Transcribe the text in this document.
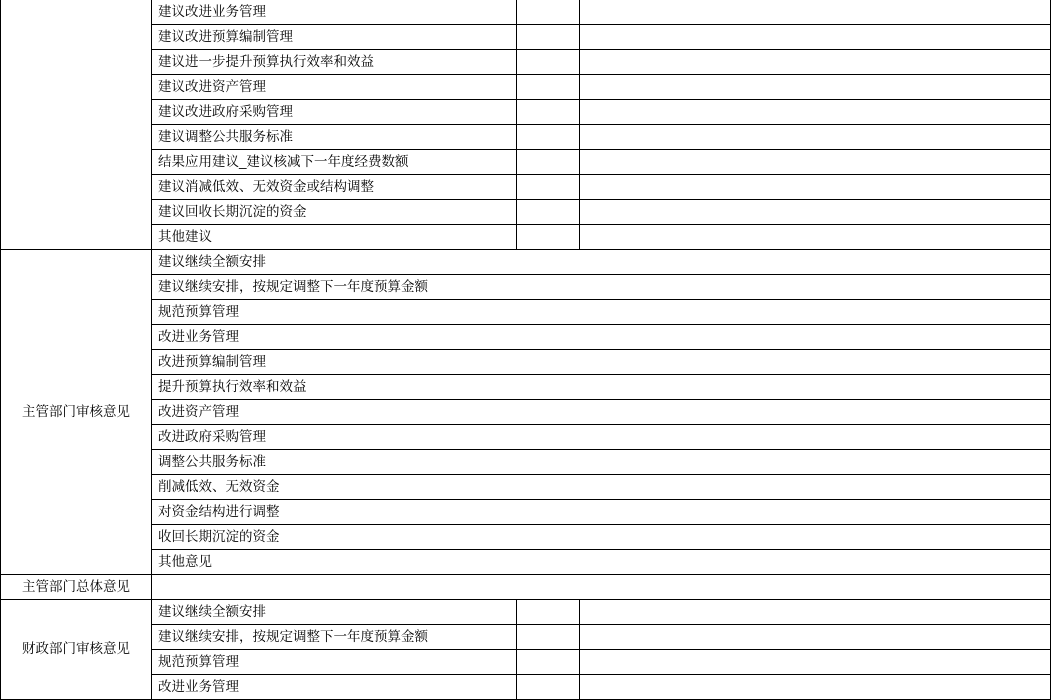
	建议改进业务管理		
	建议改进预算编制管理		
	建议进一步提升预算执行效率和效益		
	建议改进资产管理		
	建议改进政府采购管理		
	建议调整公共服务标准		
	结果应用建议_建议核减下一年度经费数额		
	建议消减低效、无效资金或结构调整		
	建议回收长期沉淀的资金		
	其他建议		
主管部门审核意见	建议继续全额安排		
	建议继续安排，按规定调整下一年度预算金额		
	规范预算管理		
	改进业务管理		
	改进预算编制管理		
	提升预算执行效率和效益		
	改进资产管理		
	改进政府采购管理		
	调整公共服务标准		
	削减低效、无效资金		
	对资金结构进行调整		
	收回长期沉淀的资金		
	其他意见		
主管部门总体意见			
财政部门审核意见	建议继续全额安排		
	建议继续安排，按规定调整下一年度预算金额		
	规范预算管理		
	改进业务管理		
